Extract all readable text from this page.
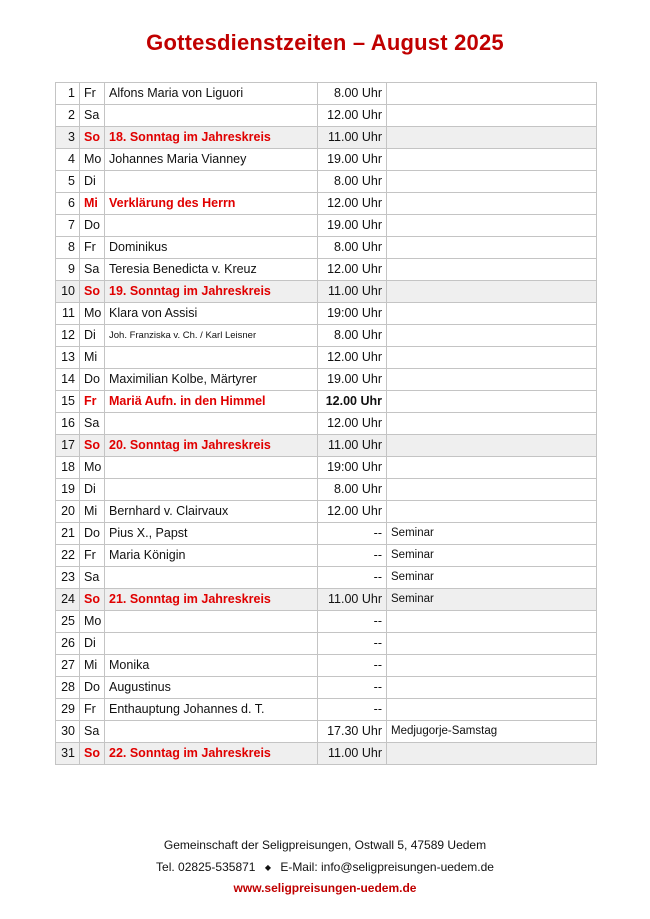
Gottesdienstzeiten – August 2025
1	Fr	Alfons Maria von Liguori	8.00 Uhr	
2	Sa		12.00 Uhr	
3	So	18. Sonntag im Jahreskreis	11.00 Uhr	
4	Mo	Johannes Maria Vianney	19.00 Uhr	
5	Di		8.00 Uhr	
6	Mi	Verklärung des Herrn	12.00 Uhr	
7	Do		19.00 Uhr	
8	Fr	Dominikus	8.00 Uhr	
9	Sa	Teresia Benedicta v. Kreuz	12.00 Uhr	
10	So	19. Sonntag im Jahreskreis	11.00 Uhr	
11	Mo	Klara von Assisi	19:00 Uhr	
12	Di	Joh. Franziska v. Ch. / Karl Leisner	8.00 Uhr	
13	Mi		12.00 Uhr	
14	Do	Maximilian Kolbe, Märtyrer	19.00 Uhr	
15	Fr	Mariä Aufn. in den Himmel	12.00 Uhr	
16	Sa		12.00 Uhr	
17	So	20. Sonntag im Jahreskreis	11.00 Uhr	
18	Mo		19:00 Uhr	
19	Di		8.00 Uhr	
20	Mi	Bernhard v. Clairvaux	12.00 Uhr	
21	Do	Pius X., Papst	--	Seminar
22	Fr	Maria Königin	--	Seminar
23	Sa		--	Seminar
24	So	21. Sonntag im Jahreskreis	11.00 Uhr	Seminar
25	Mo		--	
26	Di		--	
27	Mi	Monika	--	
28	Do	Augustinus	--	
29	Fr	Enthauptung Johannes d. T.	--	
30	Sa		17.30 Uhr	Medjugorje-Samstag
31	So	22. Sonntag im Jahreskreis	11.00 Uhr	
Gemeinschaft der Seligpreisungen, Ostwall 5, 47589 Uedem
Tel. 02825-535871 ◆ E-Mail: info@seligpreisungen-uedem.de
www.seligpreisungen-uedem.de
